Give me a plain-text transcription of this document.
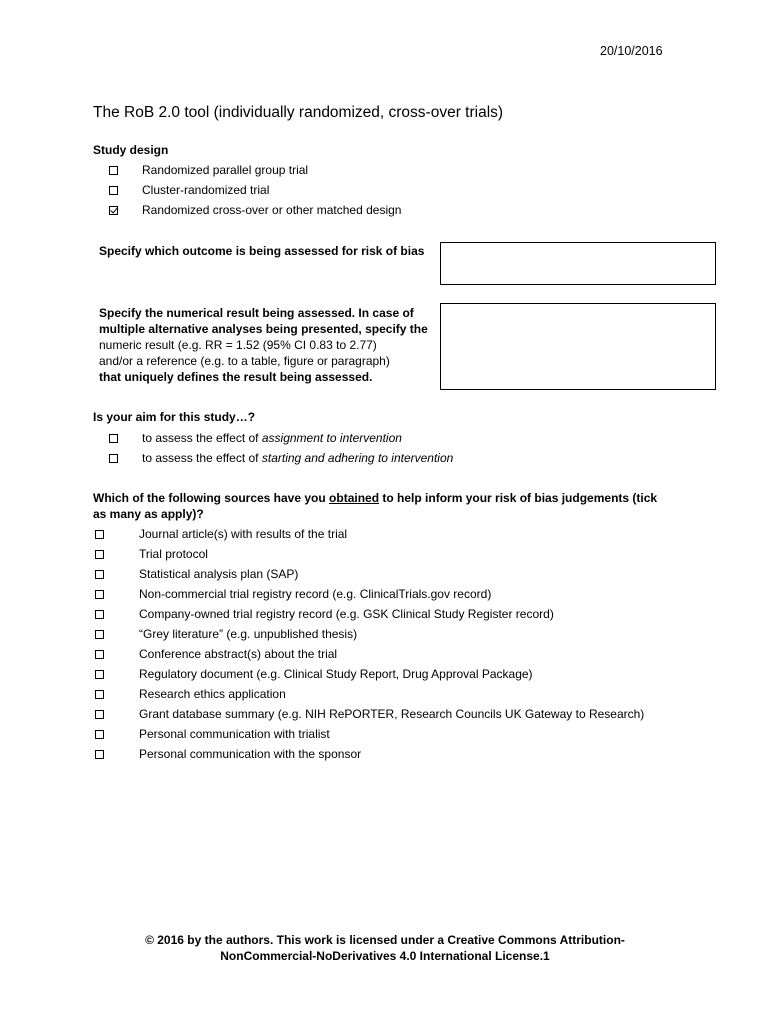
20/10/2016
The RoB 2.0 tool (individually randomized, cross-over trials)
Study design
Randomized parallel group trial
Cluster-randomized trial
Randomized cross-over or other matched design
Specify which outcome is being assessed for risk of bias
Specify the numerical result being assessed. In case of
multiple alternative analyses being presented, specify the
numeric result (e.g. RR = 1.52 (95% CI 0.83 to 2.77)
and/or a reference (e.g. to a table, figure or paragraph)
that uniquely defines the result being assessed.
Is your aim for this study…?
to assess the effect of assignment to intervention
to assess the effect of starting and adhering to intervention
Which of the following sources have you obtained to help inform your risk of bias judgements (tick
as many as apply)?
Journal article(s) with results of the trial
Trial protocol
Statistical analysis plan (SAP)
Non-commercial trial registry record (e.g. ClinicalTrials.gov record)
Company-owned trial registry record (e.g. GSK Clinical Study Register record)
“Grey literature” (e.g. unpublished thesis)
Conference abstract(s) about the trial
Regulatory document (e.g. Clinical Study Report, Drug Approval Package)
Research ethics application
Grant database summary (e.g. NIH RePORTER, Research Councils UK Gateway to Research)
Personal communication with trialist
Personal communication with the sponsor
© 2016 by the authors. This work is licensed under a Creative Commons Attribution-
NonCommercial-NoDerivatives 4.0 International License.1
